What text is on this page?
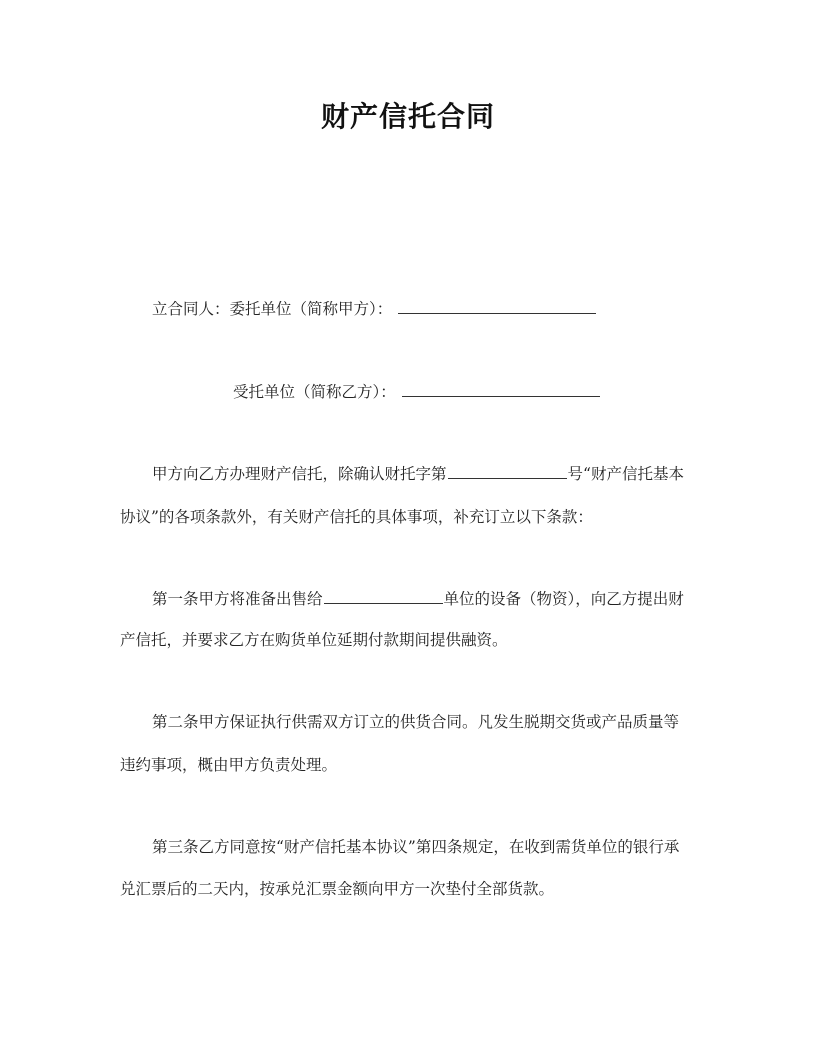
财产信托合同
立合同人：委托单位（简称甲方）：
受托单位（简称乙方）：
甲方向乙方办理财产信托，除确认财托字第	号“财产信托基本
协议”的各项条款外，有关财产信托的具体事项，补充订立以下条款：
第一条甲方将准备出售给	单位的设备（物资），向乙方提出财
产信托，并要求乙方在购货单位延期付款期间提供融资。
第二条甲方保证执行供需双方订立的供货合同。凡发生脱期交货或产品质量等
违约事项，概由甲方负责处理。
第三条乙方同意按“财产信托基本协议”第四条规定，在收到需货单位的银行承
兑汇票后的二天内，按承兑汇票金额向甲方一次垫付全部货款。
